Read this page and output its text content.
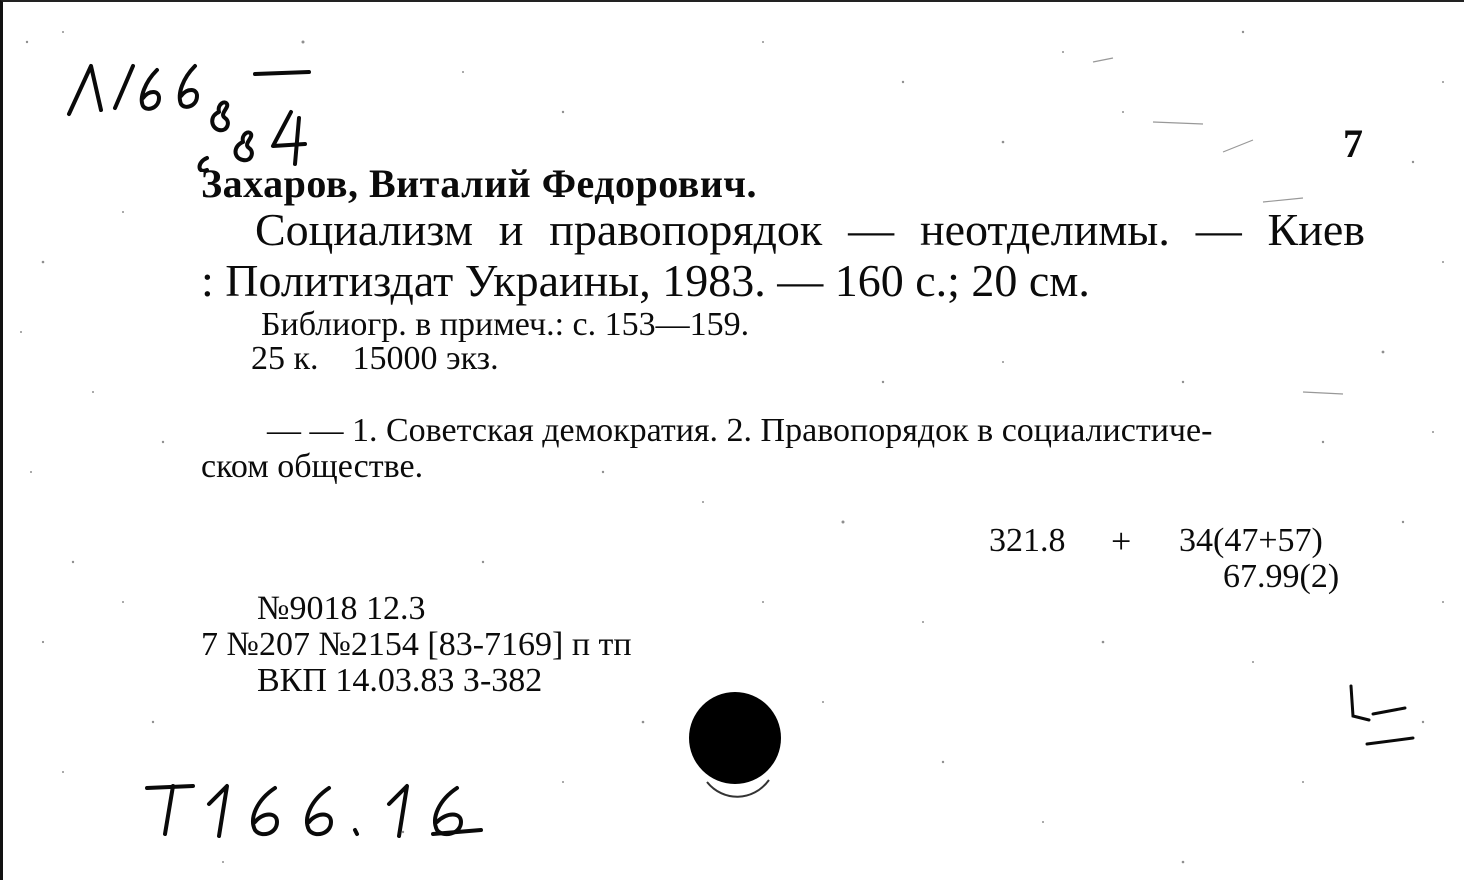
7
Захаров, Виталий Федорович.
Социализм и правопорядок — неотделимы. — Киев
: Политиздат Украины, 1983. — 160 с.; 20 см.
Библиогр. в примеч.: с. 153—159.
25 к.    15000 экз.
— — 1. Советская демократия. 2. Правопорядок в социалистиче-
ском обществе.
321.8 + 34(47+57)
67.99(2)
№9018 12.3
7 №207 №2154 [83-7169] п тп
ВКП 14.03.83 З-382
